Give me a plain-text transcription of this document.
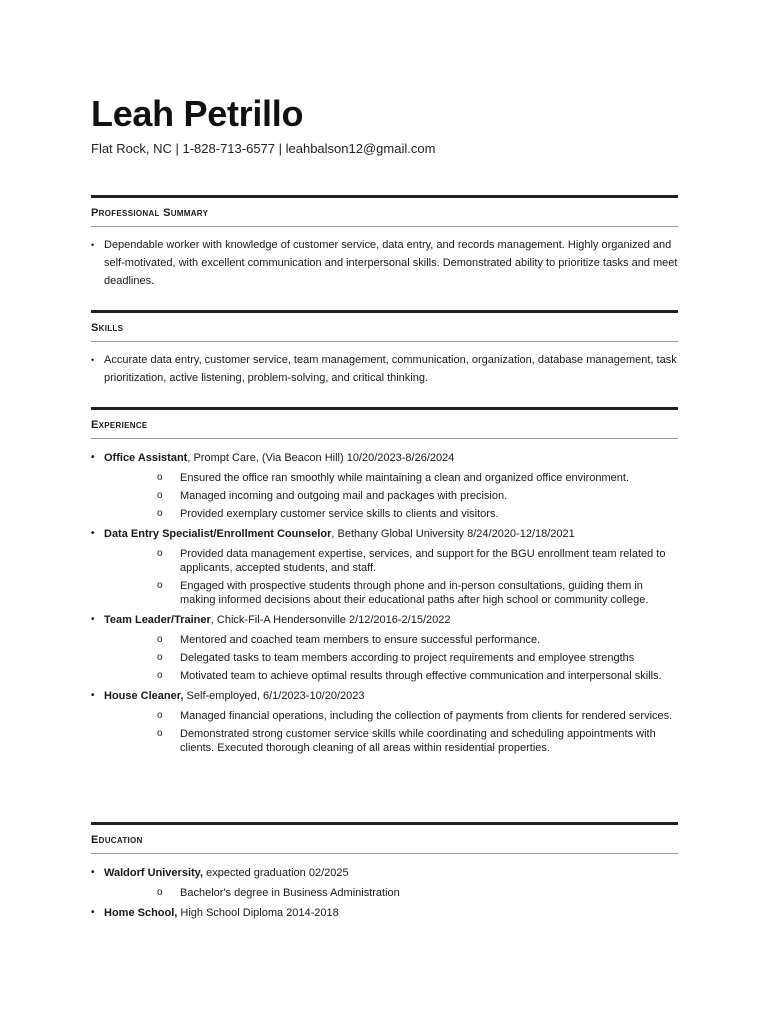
Leah Petrillo
Flat Rock, NC | 1-828-713-6577 | leahbalson12@gmail.com
Professional Summary
• Dependable worker with knowledge of customer service, data entry, and records management. Highly organized and self-motivated, with excellent communication and interpersonal skills. Demonstrated ability to prioritize tasks and meet deadlines.
Skills
• Accurate data entry, customer service, team management, communication, organization, database management, task prioritization, active listening, problem-solving, and critical thinking.
Experience
• Office Assistant, Prompt Care, (Via Beacon Hill) 10/20/2023-8/26/2024
o Ensured the office ran smoothly while maintaining a clean and organized office environment.
o Managed incoming and outgoing mail and packages with precision.
o Provided exemplary customer service skills to clients and visitors.
• Data Entry Specialist/Enrollment Counselor, Bethany Global University 8/24/2020-12/18/2021
o Provided data management expertise, services, and support for the BGU enrollment team related to applicants, accepted students, and staff.
o Engaged with prospective students through phone and in-person consultations, guiding them in making informed decisions about their educational paths after high school or community college.
• Team Leader/Trainer, Chick-Fil-A Hendersonville 2/12/2016-2/15/2022
o Mentored and coached team members to ensure successful performance.
o Delegated tasks to team members according to project requirements and employee strengths
o Motivated team to achieve optimal results through effective communication and interpersonal skills.
• House Cleaner, Self-employed, 6/1/2023-10/20/2023
o Managed financial operations, including the collection of payments from clients for rendered services.
o Demonstrated strong customer service skills while coordinating and scheduling appointments with clients. Executed thorough cleaning of all areas within residential properties.
Education
• Waldorf University, expected graduation 02/2025
o Bachelor's degree in Business Administration
• Home School, High School Diploma 2014-2018
